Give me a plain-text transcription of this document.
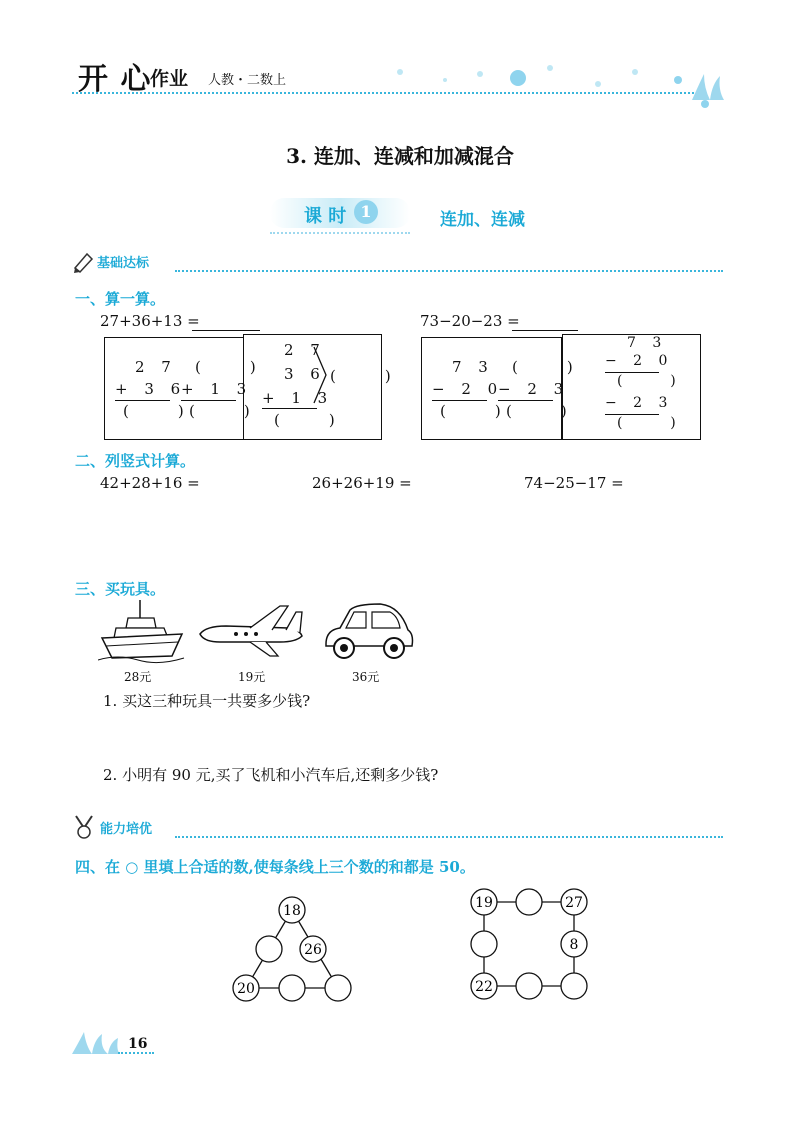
开 心
作业 人教・二数上
3. 连加、连减和加减混合
课 时 1	连加、连减
基础达标
一、算一算。
27+36+13 =	73−20−23 =
2 7
+ 3 6
(    )
(    )
+ 1 3
(    )
2 7
3 6
+ 1 3
(    )
(    )	7 3
− 2 0
(    )
(    )
− 2 3
(    )
7 3
− 2 0
(    )
− 2 3
(    )
二、列竖式计算。
42+28+16 =	26+26+19 =	74−25−17 =
三、买玩具。
28元	19元	36元
1. 买这三种玩具一共要多少钱?
2. 小明有 90 元,买了飞机和小汽车后,还剩多少钱?
能力培优
四、在 ○ 里填上合适的数,使每条线上三个数的和都是 50。
18
26
20
19	27
8
22
16
